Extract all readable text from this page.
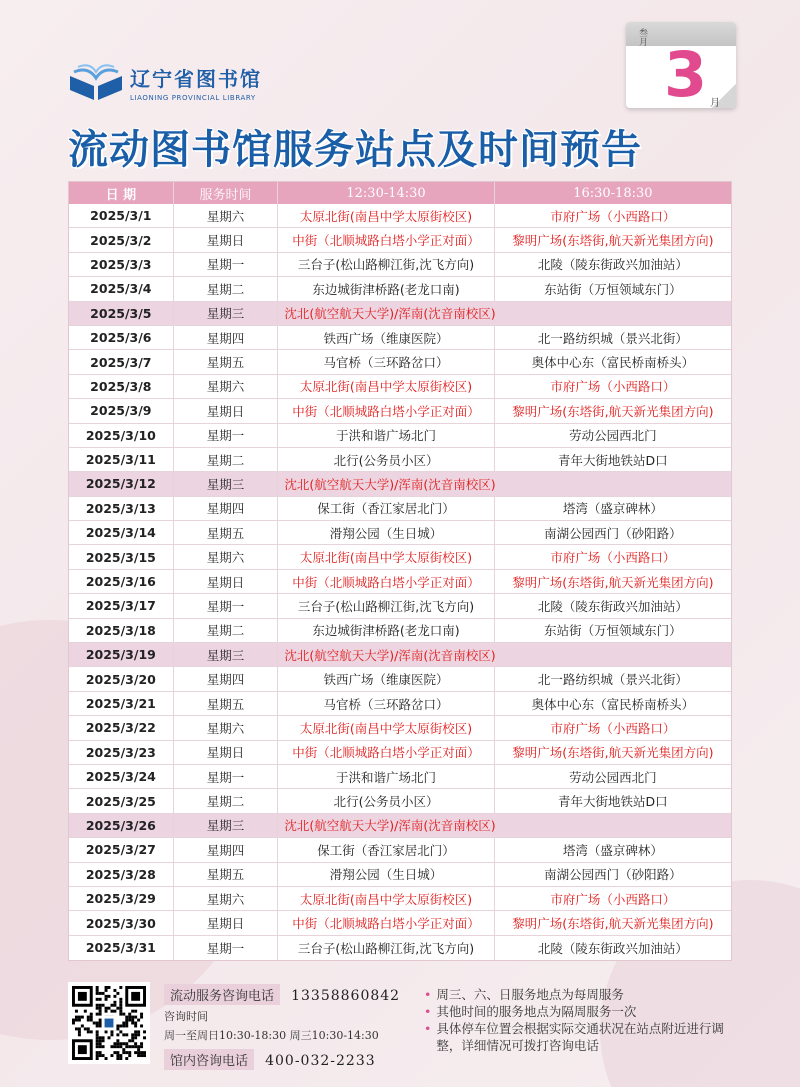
辽宁省图书馆
LIAONING PROVINCIAL LIBRARY
叁月
3 月
流动图书馆服务站点及时间预告
日 期	服务时间	12:30-14:30	16:30-18:30
2025/3/1	星期六	太原北街(南昌中学太原街校区)	市府广场（小西路口）
2025/3/2	星期日	中街（北顺城路白塔小学正对面）	黎明广场(东塔街,航天新光集团方向)
2025/3/3	星期一	三台子(松山路柳江街,沈飞方向)	北陵（陵东街政兴加油站）
2025/3/4	星期二	东边城街津桥路(老龙口南)	东站街（万恒领域东门）
2025/3/5	星期三	沈北(航空航天大学)/浑南(沈音南校区)
2025/3/6	星期四	铁西广场（维康医院）	北一路纺织城（景兴北街）
2025/3/7	星期五	马官桥（三环路岔口）	奥体中心东（富民桥南桥头）
2025/3/8	星期六	太原北街(南昌中学太原街校区)	市府广场（小西路口）
2025/3/9	星期日	中街（北顺城路白塔小学正对面）	黎明广场(东塔街,航天新光集团方向)
2025/3/10	星期一	于洪和谐广场北门	劳动公园西北门
2025/3/11	星期二	北行(公务员小区）	青年大街地铁站D口
2025/3/12	星期三	沈北(航空航天大学)/浑南(沈音南校区)
2025/3/13	星期四	保工街（香江家居北门）	塔湾（盛京碑林）
2025/3/14	星期五	滑翔公园（生日城）	南湖公园西门（砂阳路）
2025/3/15	星期六	太原北街(南昌中学太原街校区)	市府广场（小西路口）
2025/3/16	星期日	中街（北顺城路白塔小学正对面）	黎明广场(东塔街,航天新光集团方向)
2025/3/17	星期一	三台子(松山路柳江街,沈飞方向)	北陵（陵东街政兴加油站）
2025/3/18	星期二	东边城街津桥路(老龙口南)	东站街（万恒领域东门）
2025/3/19	星期三	沈北(航空航天大学)/浑南(沈音南校区)
2025/3/20	星期四	铁西广场（维康医院）	北一路纺织城（景兴北街）
2025/3/21	星期五	马官桥（三环路岔口）	奥体中心东（富民桥南桥头）
2025/3/22	星期六	太原北街(南昌中学太原街校区)	市府广场（小西路口）
2025/3/23	星期日	中街（北顺城路白塔小学正对面）	黎明广场(东塔街,航天新光集团方向)
2025/3/24	星期一	于洪和谐广场北门	劳动公园西北门
2025/3/25	星期二	北行(公务员小区）	青年大街地铁站D口
2025/3/26	星期三	沈北(航空航天大学)/浑南(沈音南校区)
2025/3/27	星期四	保工街（香江家居北门）	塔湾（盛京碑林）
2025/3/28	星期五	滑翔公园（生日城）	南湖公园西门（砂阳路）
2025/3/29	星期六	太原北街(南昌中学太原街校区)	市府广场（小西路口）
2025/3/30	星期日	中街（北顺城路白塔小学正对面）	黎明广场(东塔街,航天新光集团方向)
2025/3/31	星期一	三台子(松山路柳江街,沈飞方向)	北陵（陵东街政兴加油站）
流动服务咨询电话 13358860842
咨询时间
周一至周日10:30-18:30 周三10:30-14:30
馆内咨询电话 400-032-2233
• 周三、六、日服务地点为每周服务
• 其他时间的服务地点为隔周服务一次
• 具体停车位置会根据实际交通状况在站点附近进行调整，详细情况可拨打咨询电话
